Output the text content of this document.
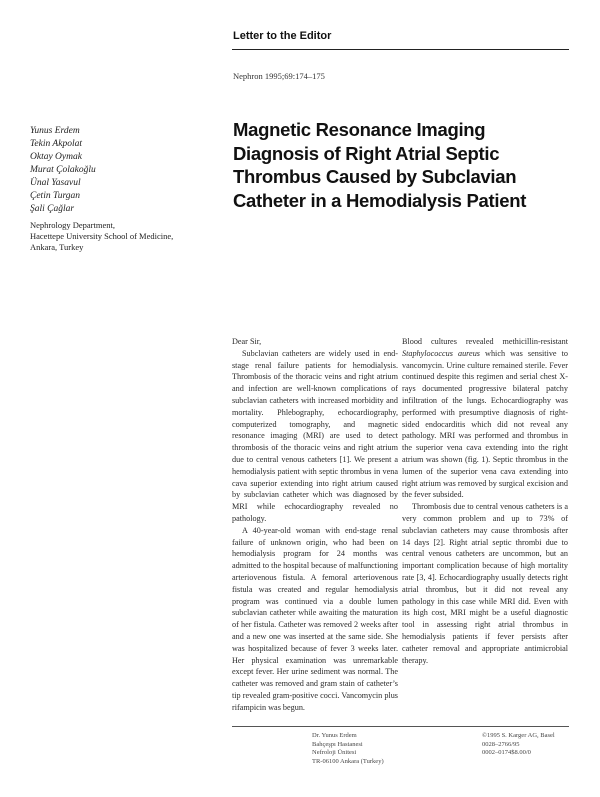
Letter to the Editor
Nephron 1995;69:174–175
Yunus Erdem
Tekin Akpolat
Oktay Oymak
Murat Çolakoğlu
Ünal Yasavul
Çetin Turgan
Şali Çağlar
Nephrology Department,
Hacettepe University School of Medicine,
Ankara, Turkey
Magnetic Resonance Imaging Diagnosis of Right Atrial Septic Thrombus Caused by Subclavian Catheter in a Hemodialysis Patient

Dear Sir,

Subclavian catheters are widely used in end-stage renal failure patients for hemodialysis. Thrombosis of the thoracic veins and right atrium and infection are well-known complications of subclavian catheters with increased morbidity and mortality. Phlebography, echocardiography, computerized tomography, and magnetic resonance imaging (MRI) are used to detect thrombosis of the thoracic veins and right atrium due to central venous catheters [1]. We present a hemodialysis patient with septic thrombus in vena cava superior extending into right atrium caused by subclavian catheter which was diagnosed by MRI while echocardiography revealed no pathology.

A 40-year-old woman with end-stage renal failure of unknown origin, who had been on hemodialysis program for 24 months was admitted to the hospital because of malfunctioning arteriovenous fistula. A femoral arteriovenous fistula was created and regular hemodialysis program was continued via a double lumen subclavian catheter while awaiting the maturation of her fistula. Catheter was removed 2 weeks after and a new one was inserted at the same side. She was hospitalized because of fever 3 weeks later. Her physical examination was unremarkable except fever. Her urine sediment was normal. The catheter was removed and gram stain of catheter’s tip revealed gram-positive cocci. Vancomycin plus rifampicin was begun.

Blood cultures revealed methicillin-resistant Staphylococcus aureus which was sensitive to vancomycin. Urine culture remained sterile. Fever continued despite this regimen and serial chest X-rays documented progressive bilateral patchy infiltration of the lungs. Echocardiography was performed with presumptive diagnosis of right-sided endocarditis which did not reveal any pathology. MRI was performed and thrombus in the superior vena cava extending into the right atrium was shown (fig. 1). Septic thrombus in the lumen of the superior vena cava extending into right atrium was removed by surgical excision and the fever subsided.

Thrombosis due to central venous catheters is a very common problem and up to 73% of subclavian catheters may cause thrombosis after 14 days [2]. Right atrial septic thrombi due to central venous catheters are uncommon, but an important complication because of high mortality rate [3, 4]. Echocardiography usually detects right atrial thrombus, but it did not reveal any pathology in this case while MRI did. Even with its high cost, MRI might be a useful diagnostic tool in assessing right atrial thrombus in hemodialysis patients if fever persists after catheter removal and appropriate antimicrobial therapy.

Dr. Yunus Erdem
Bahçeşpı Hastanesi
Nefroloji Ünitesi
TR-06100 Ankara (Turkey)
©1995 S. Karger AG, Basel
0028–2766/95
0002–0174$8.00/0
